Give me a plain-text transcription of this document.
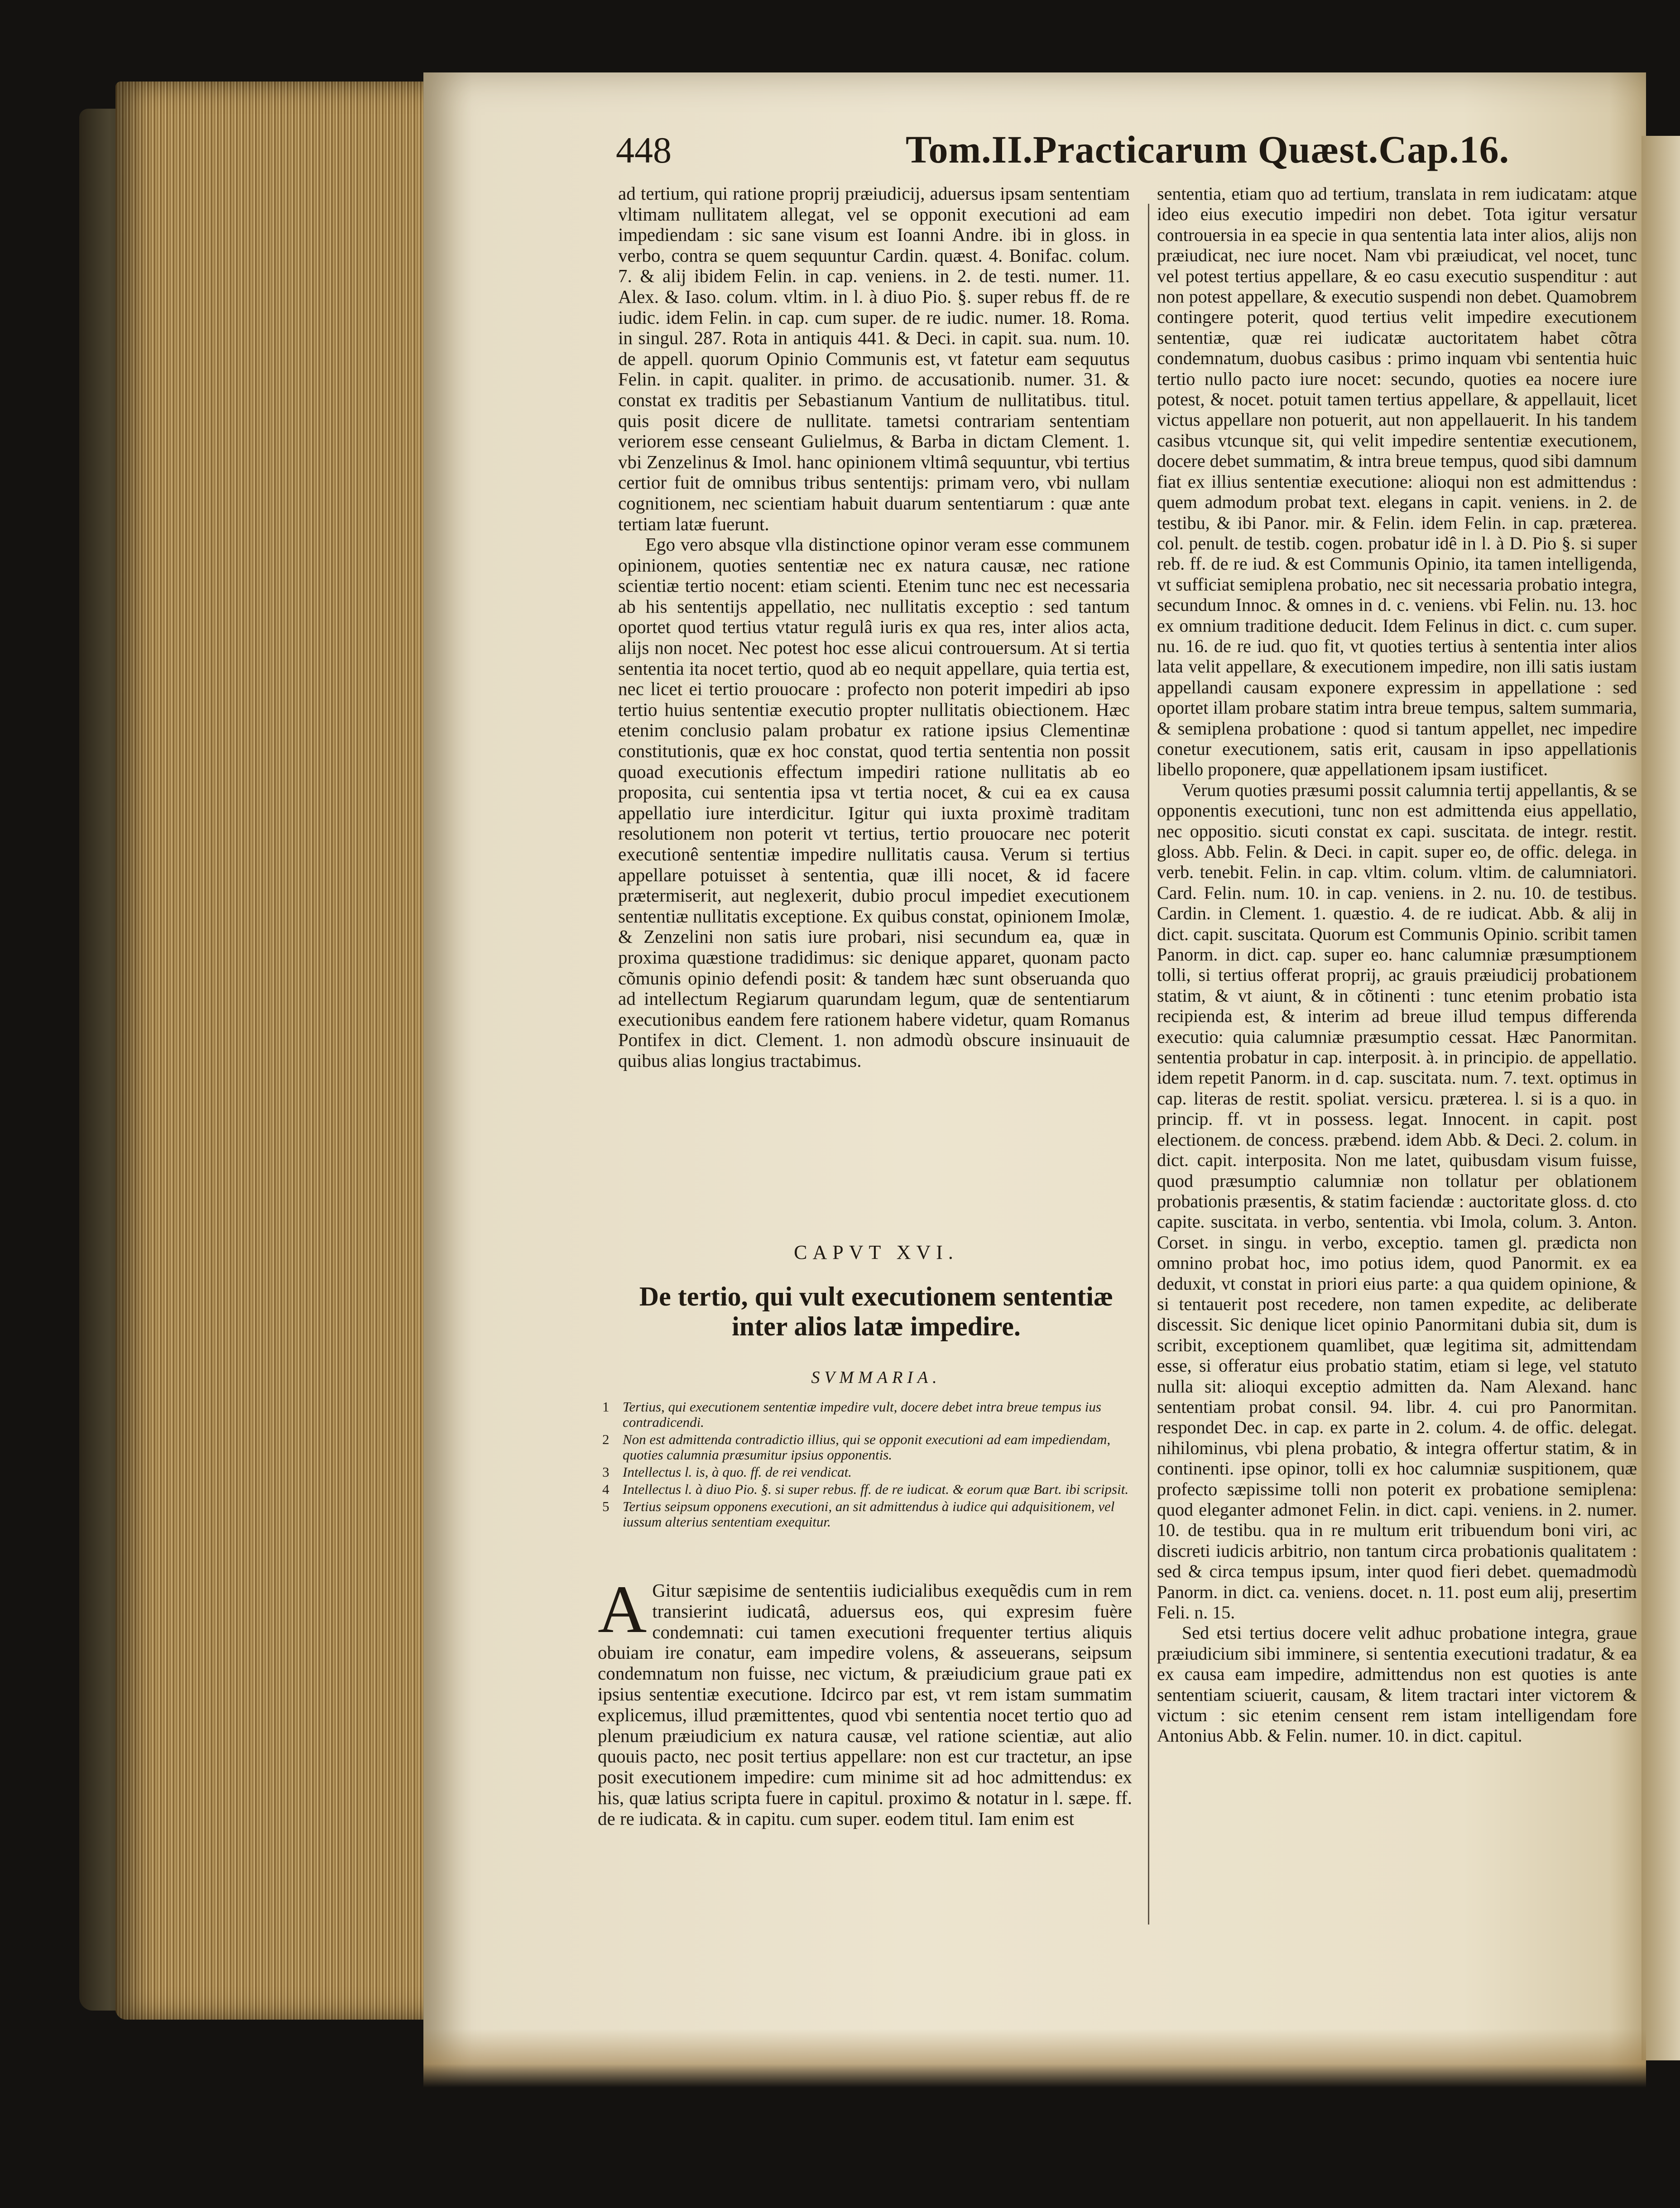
448	Tom.II.Practicarum Quæst.Cap.16.

ad tertium, qui ratione proprij præiudicij, aduersus ipsam sententiam vltimam nullitatem allegat, vel se opponit executioni ad eam impediendam : sic sane visum est Ioanni Andre. ibi in gloss. in verbo, contra se quem sequuntur Cardin. quæst. 4. Bonifac. colum. 7. & alij ibidem Felin. in cap. veniens. in 2. de testi. numer. 11. Alex. & Iaso. colum. vltim. in l. à diuo Pio. §. super rebus ff. de re iudic. idem Felin. in cap. cum super. de re iudic. numer. 18. Roma. in singul. 287. Rota in antiquis 441. & Deci. in capit. sua. num. 10. de appell. quorum Opinio Communis est, vt fatetur eam sequutus Felin. in capit. qualiter. in primo. de accusationib. numer. 31. & constat ex traditis per Sebastianum Vantium de nullitatibus. titul. quis posit dicere de nullitate. tametsi contrariam sententiam veriorem esse censeant Gulielmus, & Barba in dictam Clement. 1. vbi Zenzelinus & Imol. hanc opinionem vltimâ sequuntur, vbi tertius certior fuit de omnibus tribus sententijs: primam vero, vbi nullam cognitionem, nec scientiam habuit duarum sententiarum : quæ ante tertiam latæ fuerunt.

Ego vero absque vlla distinctione opinor veram esse communem opinionem, quoties sententiæ nec ex natura causæ, nec ratione scientiæ tertio nocent: etiam scienti. Etenim tunc nec est necessaria ab his sententijs appellatio, nec nullitatis exceptio : sed tantum oportet quod tertius vtatur regulâ iuris ex qua res, inter alios acta, alijs non nocet. Nec potest hoc esse alicui controuersum. At si tertia sententia ita nocet tertio, quod ab eo nequit appellare, quia tertia est, nec licet ei tertio prouocare : profecto non poterit impediri ab ipso tertio huius sententiæ executio propter nullitatis obiectionem. Hæc etenim conclusio palam probatur ex ratione ipsius Clementinæ constitutionis, quæ ex hoc constat, quod tertia sententia non possit quoad executionis effectum impediri ratione nullitatis ab eo proposita, cui sententia ipsa vt tertia nocet, & cui ea ex causa appellatio iure interdicitur. Igitur qui iuxta proximè traditam resolutionem non poterit vt tertius, tertio prouocare nec poterit executionê sententiæ impedire nullitatis causa. Verum si tertius appellare potuisset à sententia, quæ illi nocet, & id facere prætermiserit, aut neglexerit, dubio procul impediet executionem sententiæ nullitatis exceptione. Ex quibus constat, opinionem Imolæ, & Zenzelini non satis iure probari, nisi secundum ea, quæ in proxima quæstione tradidimus: sic denique apparet, quonam pacto cõmunis opinio defendi posit: & tandem hæc sunt obseruanda quo ad intellectum Regiarum quarundam legum, quæ de sententiarum executionibus eandem fere rationem habere videtur, quam Romanus Pontifex in dict. Clement. 1. non admodù obscure insinuauit de quibus alias longius tractabimus.

CAPVT XVI.
De tertio, qui vult executionem sententiæ inter alios latæ impedire.
SVMMARIA.
1 Tertius, qui executionem sententiæ impedire vult, docere debet intra breue tempus ius contradicendi.
2 Non est admittenda contradictio illius, qui se opponit executioni ad eam impediendam, quoties calumnia præsumitur ipsius opponentis.
3 Intellectus l. is, à quo. ff. de rei vendicat.
4 Intellectus l. à diuo Pio. §. si super rebus. ff. de re iudicat. & eorum quæ Bart. ibi scripsit.
5 Tertius seipsum opponens executioni, an sit admittendus à iudice qui adquisitionem, vel iussum alterius sententiam exequitur.
A Gitur sæpisime de sententiis iudicialibus exequẽdis cum in rem transierint iudicatâ, aduersus eos, qui expresim fuère condemnati: cui tamen executioni frequenter tertius aliquis obuiam ire conatur, eam impedire volens, & asseuerans, seipsum condemnatum non fuisse, nec victum, & præiudicium graue pati ex ipsius sententiæ executione. Idcirco par est, vt rem istam summatim explicemus, illud præmittentes, quod vbi sententia nocet tertio quo ad plenum præiudicium ex natura causæ, vel ratione scientiæ, aut alio quouis pacto, nec posit tertius appellare: non est cur tractetur, an ipse posit executionem impedire: cum minime sit ad hoc admittendus: ex his, quæ latius scripta fuere in capitul. proximo & notatur in l. sæpe. ff. de re iudicata. & in capitu. cum super. eodem titul. Iam enim est

sententia, etiam quo ad tertium, translata in rem iudicatam: atque ideo eius executio impediri non debet. Tota igitur versatur controuersia in ea specie in qua sententia lata inter alios, alijs non præiudicat, nec iure nocet. Nam vbi præiudicat, vel nocet, tunc vel potest tertius appellare, & eo casu executio suspenditur : aut non potest appellare, & executio suspendi non debet. Quamobrem contingere poterit, quod tertius velit impedire executionem sententiæ, quæ rei iudicatæ auctoritatem habet cõtra condemnatum, duobus casibus : primo inquam vbi sententia huic tertio nullo pacto iure nocet: secundo, quoties ea nocere iure potest, & nocet. potuit tamen tertius appellare, & appellauit, licet victus appellare non potuerit, aut non appellauerit. In his tandem casibus vtcunque sit, qui velit impedire sententiæ executionem, docere debet summatim, & intra breue tempus, quod sibi damnum fiat ex illius sententiæ executione: alioqui non est admittendus : quem admodum probat text. elegans in capit. veniens. in 2. de testibu, & ibi Panor. mir. & Felin. idem Felin. in cap. præterea. col. penult. de testib. cogen. probatur idê in l. à D. Pio §. si super reb. ff. de re iud. & est Communis Opinio, ita tamen intelligenda, vt sufficiat semiplena probatio, nec sit necessaria probatio integra, secundum Innoc. & omnes in d. c. veniens. vbi Felin. nu. 13. hoc ex omnium traditione deducit. Idem Felinus in dict. c. cum super. nu. 16. de re iud. quo fit, vt quoties tertius à sententia inter alios lata velit appellare, & executionem impedire, non illi satis iustam appellandi causam exponere expressim in appellatione : sed oportet illam probare statim intra breue tempus, saltem summaria, & semiplena probatione : quod si tantum appellet, nec impedire conetur executionem, satis erit, causam in ipso appellationis libello proponere, quæ appellationem ipsam iustificet.

Verum quoties præsumi possit calumnia tertij appellantis, & se opponentis executioni, tunc non est admittenda eius appellatio, nec oppositio. sicuti constat ex capi. suscitata. de integr. restit. gloss. Abb. Felin. & Deci. in capit. super eo, de offic. delega. in verb. tenebit. Felin. in cap. vltim. colum. vltim. de calumniatori. Card. Felin. num. 10. in cap. veniens. in 2. nu. 10. de testibus. Cardin. in Clement. 1. quæstio. 4. de re iudicat. Abb. & alij in dict. capit. suscitata. Quorum est Communis Opinio. scribit tamen Panorm. in dict. cap. super eo. hanc calumniæ præsumptionem tolli, si tertius offerat proprij, ac grauis præiudicij probationem statim, & vt aiunt, & in cõtinenti : tunc etenim probatio ista recipienda est, & interim ad breue illud tempus differenda executio: quia calumniæ præsumptio cessat. Hæc Panormitan. sententia probatur in cap. interposit. à. in principio. de appellatio. idem repetit Panorm. in d. cap. suscitata. num. 7. text. optimus in cap. literas de restit. spoliat. versicu. præterea. l. si is a quo. in princip. ff. vt in possess. legat. Innocent. in capit. post electionem. de concess. præbend. idem Abb. & Deci. 2. colum. in dict. capit. interposita. Non me latet, quibusdam visum fuisse, quod præsumptio calumniæ non tollatur per oblationem probationis præsentis, & statim faciendæ : auctoritate gloss. d. cto capite. suscitata. in verbo, sententia. vbi Imola, colum. 3. Anton. Corset. in singu. in verbo, exceptio. tamen gl. prædicta non omnino probat hoc, imo potius idem, quod Panormit. ex ea deduxit, vt constat in priori eius parte: a qua quidem opinione, & si tentauerit post recedere, non tamen expedite, ac deliberate discessit. Sic denique licet opinio Panormitani dubia sit, dum is scribit, exceptionem quamlibet, quæ legitima sit, admittendam esse, si offeratur eius probatio statim, etiam si lege, vel statuto nulla sit: alioqui exceptio admitten da. Nam Alexand. hanc sententiam probat consil. 94. libr. 4. cui pro Panormitan. respondet Dec. in cap. ex parte in 2. colum. 4. de offic. delegat. nihilominus, vbi plena probatio, & integra offertur statim, & in continenti. ipse opinor, tolli ex hoc calumniæ suspitionem, quæ profecto sæpissime tolli non poterit ex probatione semiplena: quod eleganter admonet Felin. in dict. capi. veniens. in 2. numer. 10. de testibu. qua in re multum erit tribuendum boni viri, ac discreti iudicis arbitrio, non tantum circa probationis qualitatem : sed & circa tempus ipsum, inter quod fieri debet. quemadmodù Panorm. in dict. ca. veniens. docet. n. 11. post eum alij, presertim Feli. n. 15.

Sed etsi tertius docere velit adhuc probatione integra, graue præiudicium sibi imminere, si sententia executioni tradatur, & ea ex causa eam impedire, admittendus non est quoties is ante sententiam sciuerit, causam, & litem tractari inter victorem & victum : sic etenim censent rem istam intelligendam fore Antonius Abb. & Felin. numer. 10. in dict. capitul.
